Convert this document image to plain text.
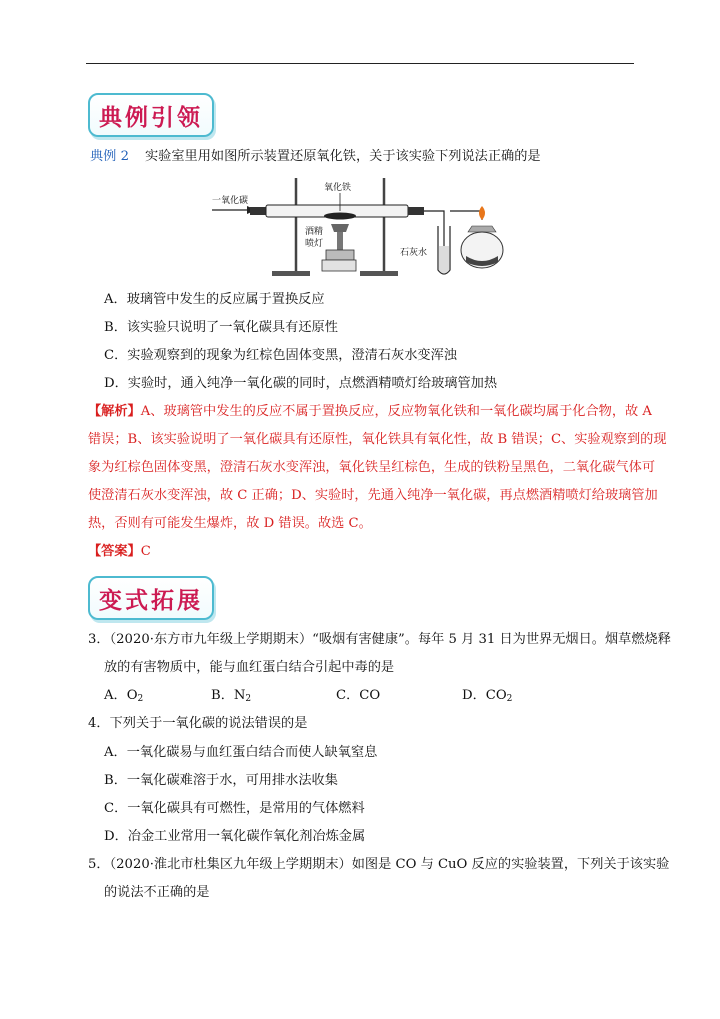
典例引领
典例 2 实验室里用如图所示装置还原氧化铁，关于该实验下列说法正确的是
一氧化碳
氧化铁
酒精
喷灯
石灰水
A．玻璃管中发生的反应属于置换反应
B．该实验只说明了一氧化碳具有还原性
C．实验观察到的现象为红棕色固体变黑，澄清石灰水变浑浊
D．实验时，通入纯净一氧化碳的同时，点燃酒精喷灯给玻璃管加热
【解析】A、玻璃管中发生的反应不属于置换反应，反应物氧化铁和一氧化碳均属于化合物，故 A
错误；B、该实验说明了一氧化碳具有还原性，氧化铁具有氧化性，故 B 错误；C、实验观察到的现
象为红棕色固体变黑，澄清石灰水变浑浊，氧化铁呈红棕色，生成的铁粉呈黑色，二氧化碳气体可
使澄清石灰水变浑浊，故 C 正确；D、实验时，先通入纯净一氧化碳，再点燃酒精喷灯给玻璃管加
热，否则有可能发生爆炸，故 D 错误。故选 C。
【答案】C
变式拓展
3．（2020·东方市九年级上学期期末）“吸烟有害健康”。每年 5 月 31 日为世界无烟日。烟草燃烧释
放的有害物质中，能与血红蛋白结合引起中毒的是
A．$O_2$	B．$N_2$	C．CO	D．$CO_2$
4．下列关于一氧化碳的说法错误的是
A．一氧化碳易与血红蛋白结合而使人缺氧窒息
B．一氧化碳难溶于水，可用排水法收集
C．一氧化碳具有可燃性，是常用的气体燃料
D．冶金工业常用一氧化碳作氧化剂冶炼金属
5．（2020·淮北市杜集区九年级上学期期末）如图是 CO 与 CuO 反应的实验装置，下列关于该实验
的说法不正确的是
